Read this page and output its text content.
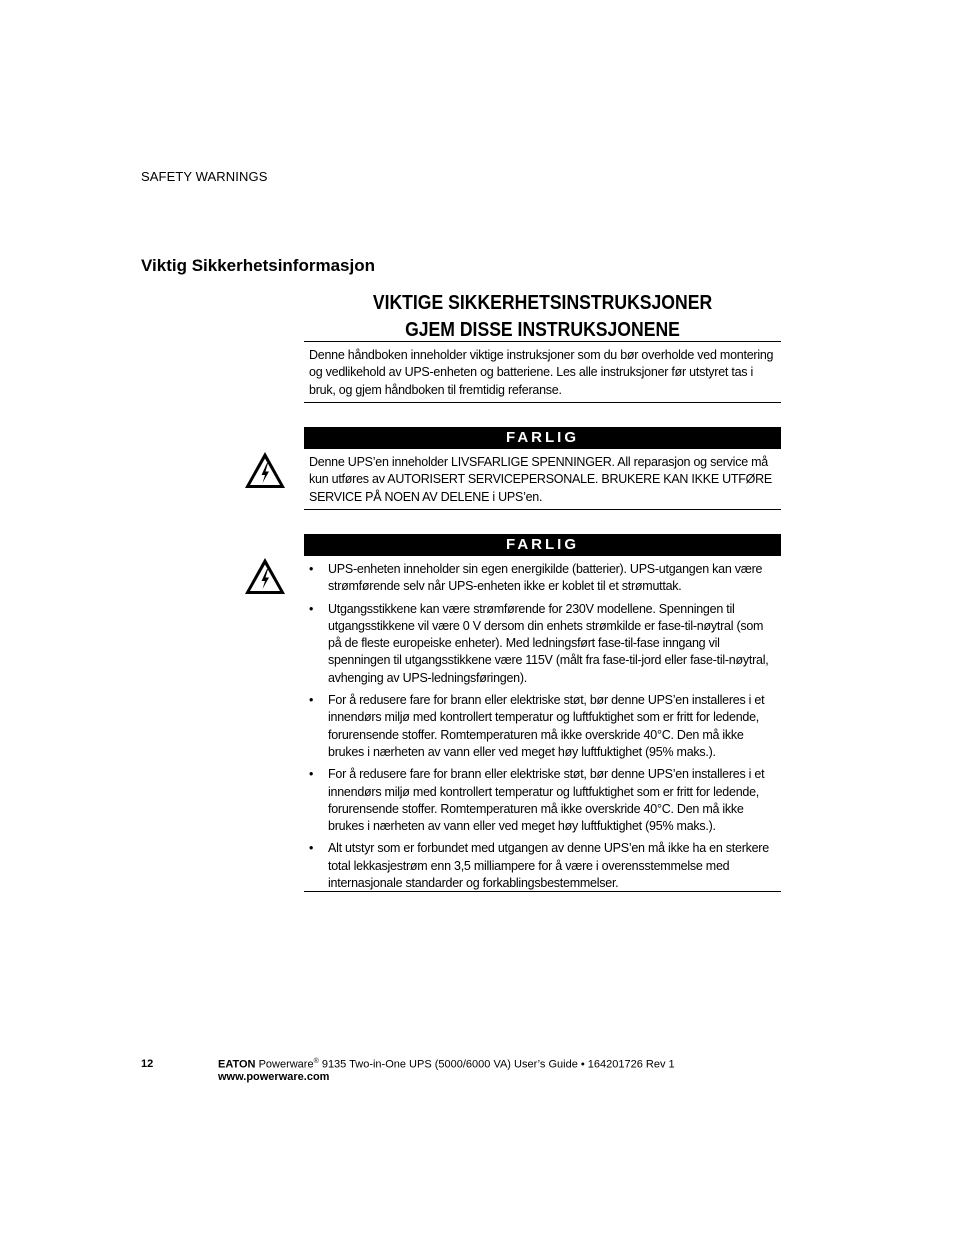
SAFETY WARNINGS
Viktig Sikkerhetsinformasjon
VIKTIGE SIKKERHETSINSTRUKSJONER
GJEM DISSE INSTRUKSJONENE
Denne håndboken inneholder viktige instruksjoner som du bør overholde ved montering og vedlikehold av UPS-enheten og batteriene. Les alle instruksjoner før utstyret tas i bruk, og gjem håndboken til fremtidig referanse.
FARLIG
Denne UPS’en inneholder LIVSFARLIGE SPENNINGER. All reparasjon og service må kun utføres av AUTORISERT SERVICEPERSONALE. BRUKERE KAN IKKE UTFØRE SERVICE PÅ NOEN AV DELENE i UPS’en.
FARLIG
• UPS-enheten inneholder sin egen energikilde (batterier). UPS-utgangen kan være strømførende selv når UPS-enheten ikke er koblet til et strømuttak.
• Utgangsstikkene kan være strømførende for 230V modellene. Spenningen til utgangsstikkene vil være 0 V dersom din enhets strømkilde er fase-til-nøytral (som på de fleste europeiske enheter). Med ledningsført fase-til-fase inngang vil spenningen til utgangsstikkene være 115V (målt fra fase-til-jord eller fase-til-nøytral, avhenging av UPS-ledningsføringen).
• For å redusere fare for brann eller elektriske støt, bør denne UPS’en installeres i et innendørs miljø med kontrollert temperatur og luftfuktighet som er fritt for ledende, forurensende stoffer. Romtemperaturen må ikke overskride 40°C. Den må ikke brukes i nærheten av vann eller ved meget høy luftfuktighet (95% maks.).
• For å redusere fare for brann eller elektriske støt, bør denne UPS’en installeres i et innendørs miljø med kontrollert temperatur og luftfuktighet som er fritt for ledende, forurensende stoffer. Romtemperaturen må ikke overskride 40°C. Den må ikke brukes i nærheten av vann eller ved meget høy luftfuktighet (95% maks.).
• Alt utstyr som er forbundet med utgangen av denne UPS’en må ikke ha en sterkere total lekkasjestrøm enn 3,5 milliampere for å være i overensstemmelse med internasjonale standarder og forkablingsbestemmelser.
12	EATON Powerware® 9135 Two-in-One UPS (5000/6000 VA) User’s Guide • 164201726 Rev 1
www.powerware.com
